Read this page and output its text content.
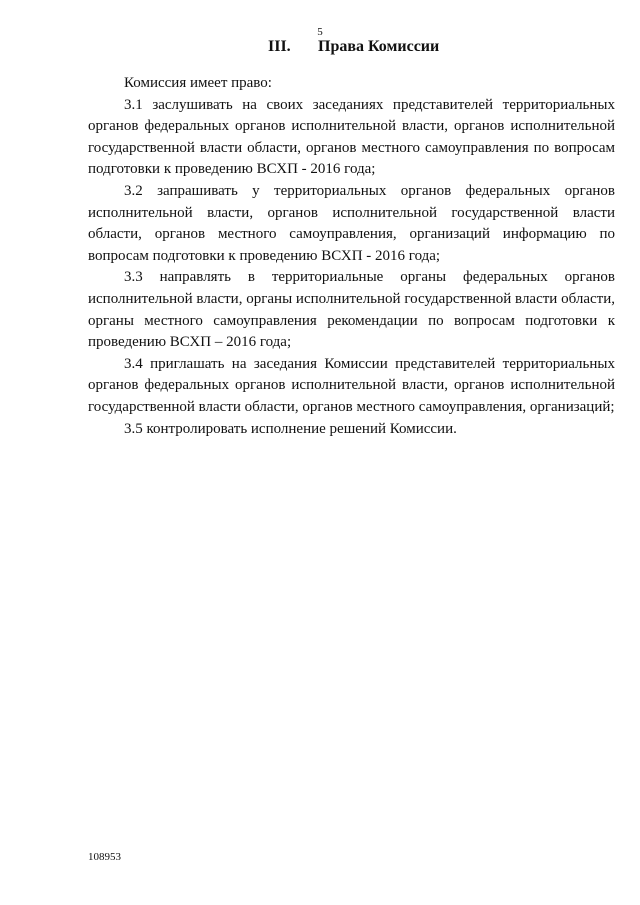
5
III. Права Комиссии

Комиссия имеет право:

3.1 заслушивать на своих заседаниях представителей территориальных органов федеральных органов исполнительной власти, органов исполнительной государственной власти области, органов местного самоуправления по вопросам подготовки к проведению ВСХП - 2016 года;

3.2 запрашивать у территориальных органов федеральных органов исполнительной власти, органов исполнительной государственной власти области, органов местного самоуправления, организаций информацию по вопросам подготовки к проведению ВСХП - 2016 года;

3.3 направлять в территориальные органы федеральных органов исполнительной власти, органы исполнительной государственной власти области, органы местного самоуправления рекомендации по вопросам подготовки к проведению ВСХП – 2016 года;

3.4 приглашать на заседания Комиссии представителей территориальных органов федеральных органов исполнительной власти, органов исполнительной государственной власти области, органов местного самоуправления, организаций;

3.5 контролировать исполнение решений Комиссии.

108953
